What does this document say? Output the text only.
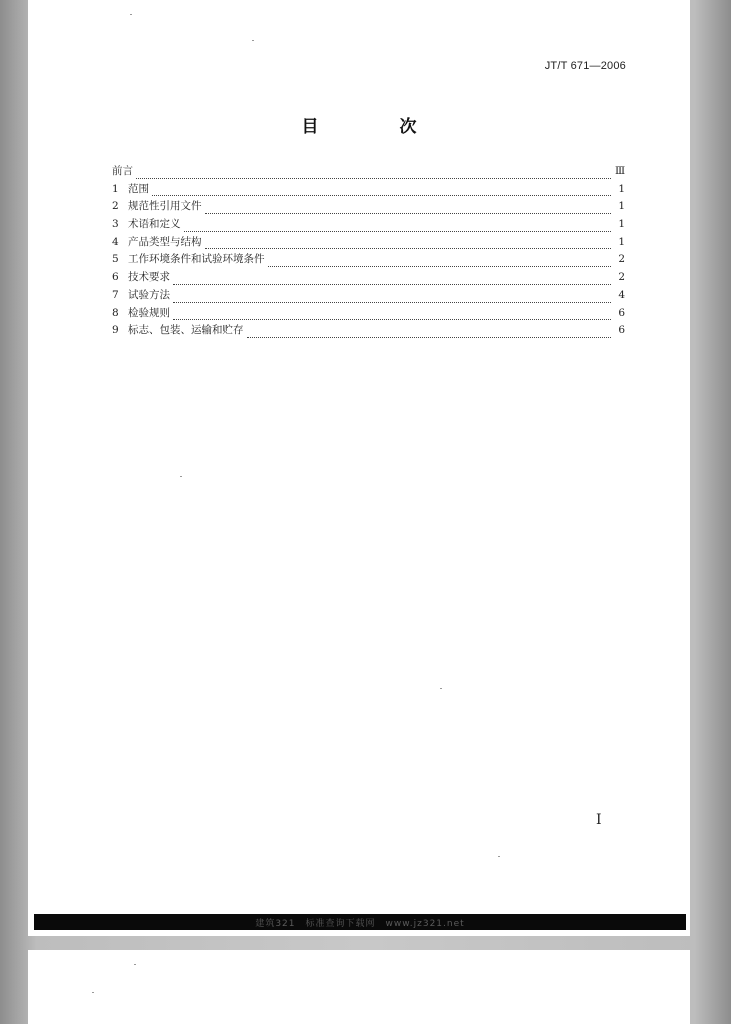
JT/T 671—2006
目　次
前言	Ⅲ
1 范围	1
2 规范性引用文件	1
3 术语和定义	1
4 产品类型与结构	1
5 工作环境条件和试验环境条件	2
6 技术要求	2
7 试验方法	4
8 检验规则	6
9 标志、包装、运输和贮存	6
Ⅰ
建筑321　标准查询下载网　www.jz321.net
